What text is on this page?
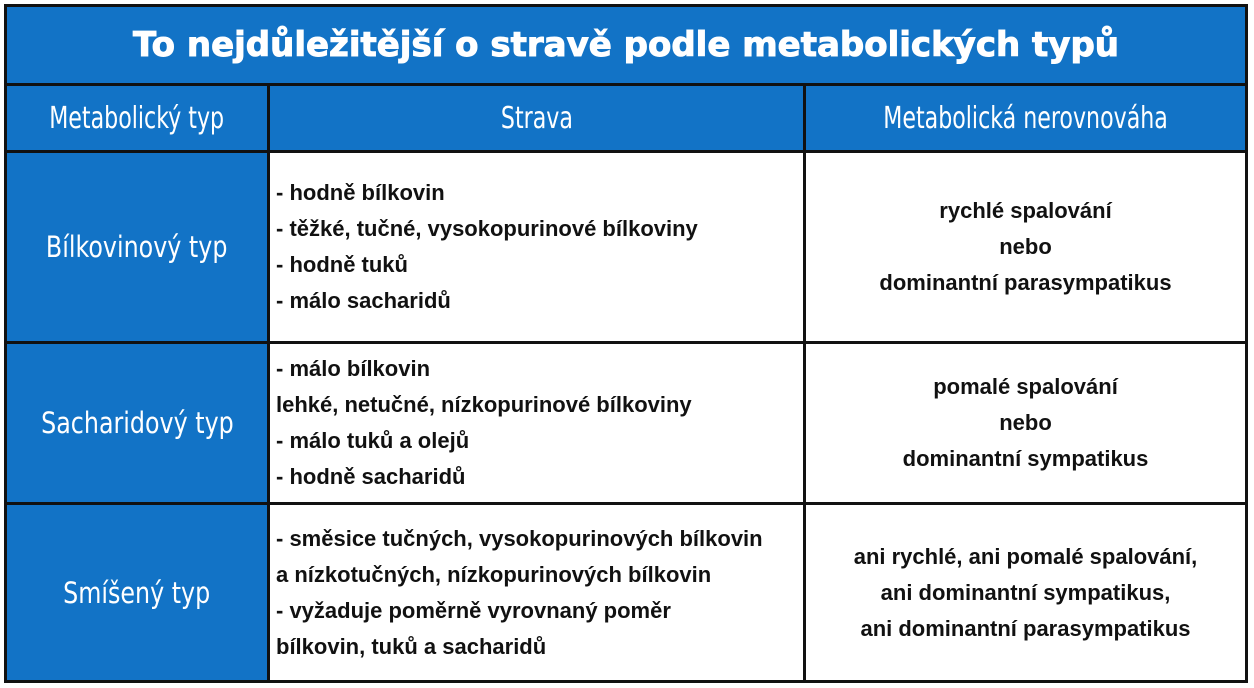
To nejdůležitější o stravě podle metabolických typů
Metabolický typ	Strava	Metabolická nerovnováha
Bílkovinový typ
- hodně bílkovin
- těžké, tučné, vysokopurinové bílkoviny
- hodně tuků
- málo sacharidů
rychlé spalování
nebo
dominantní parasympatikus
Sacharidový typ
- málo bílkovin
lehké, netučné, nízkopurinové bílkoviny
- málo tuků a olejů
- hodně sacharidů
pomalé spalování
nebo
dominantní sympatikus
Smíšený typ
- směsice tučných, vysokopurinových bílkovin
a nízkotučných, nízkopurinových bílkovin
- vyžaduje poměrně vyrovnaný poměr
bílkovin, tuků a sacharidů
ani rychlé, ani pomalé spalování,
ani dominantní sympatikus,
ani dominantní parasympatikus
